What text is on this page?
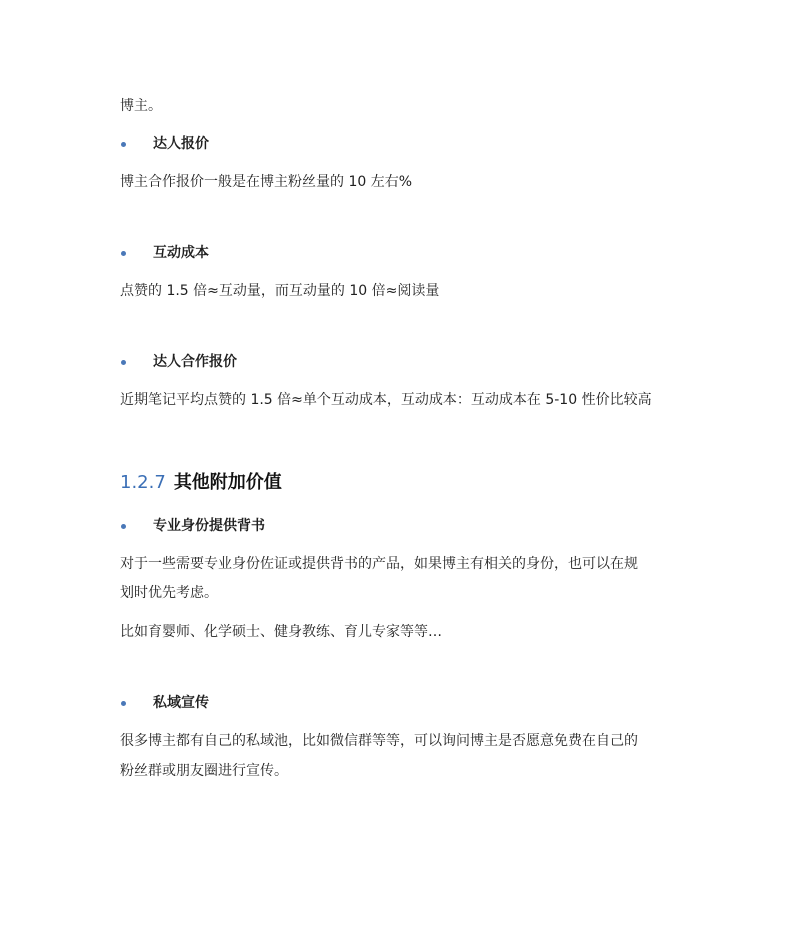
博主。
达人报价
博主合作报价一般是在博主粉丝量的 10 左右%
互动成本
点赞的 1.5 倍≈互动量，而互动量的 10 倍≈阅读量
达人合作报价
近期笔记平均点赞的 1.5 倍≈单个互动成本，互动成本：互动成本在 5-10 性价比较高
1.2.7 其他附加价值
专业身份提供背书
对于一些需要专业身份佐证或提供背书的产品，如果博主有相关的身份，也可以在规
划时优先考虑。
比如育婴师、化学硕士、健身教练、育儿专家等等…
私域宣传
很多博主都有自己的私域池，比如微信群等等，可以询问博主是否愿意免费在自己的
粉丝群或朋友圈进行宣传。
